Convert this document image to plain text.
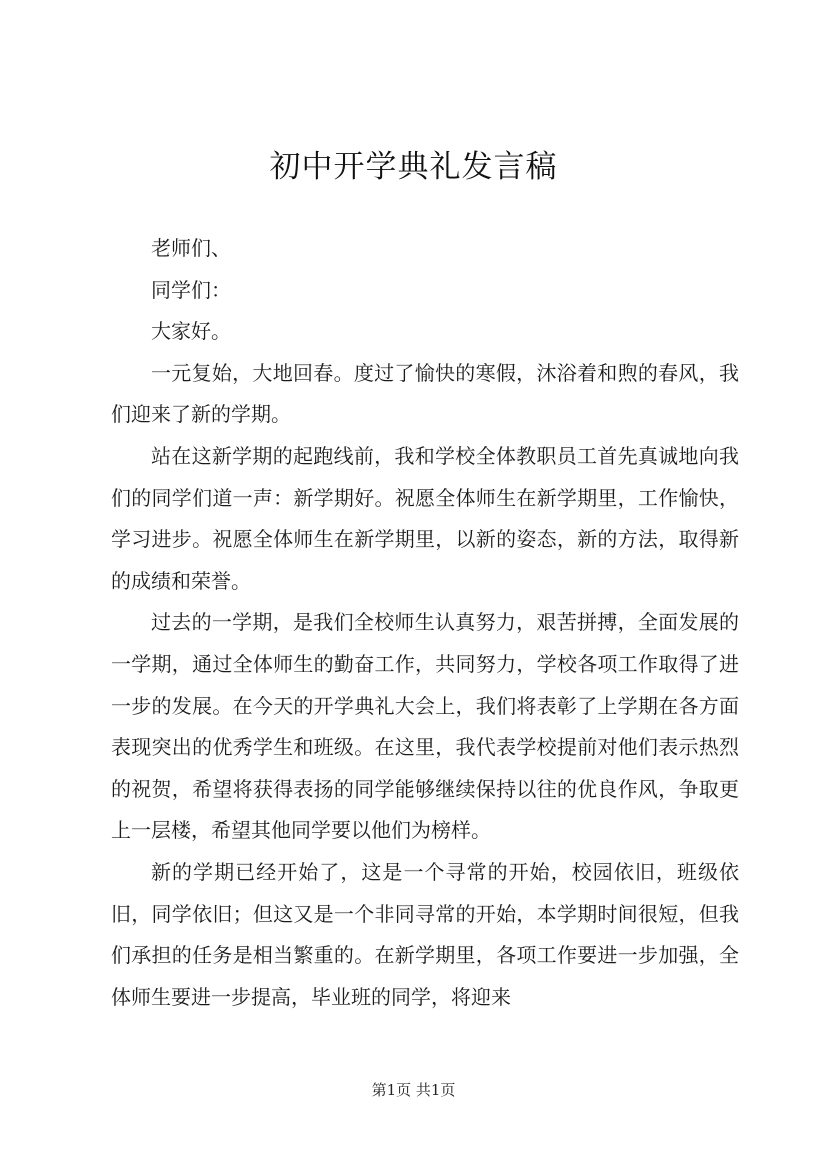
初中开学典礼发言稿

老师们、

同学们：

大家好。

一元复始，大地回春。度过了愉快的寒假，沐浴着和煦的春风，我们迎来了新的学期。

站在这新学期的起跑线前，我和学校全体教职员工首先真诚地向我们的同学们道一声：新学期好。祝愿全体师生在新学期里，工作愉快，学习进步。祝愿全体师生在新学期里，以新的姿态，新的方法，取得新的成绩和荣誉。

过去的一学期，是我们全校师生认真努力，艰苦拼搏，全面发展的一学期，通过全体师生的勤奋工作，共同努力，学校各项工作取得了进一步的发展。在今天的开学典礼大会上，我们将表彰了上学期在各方面表现突出的优秀学生和班级。在这里，我代表学校提前对他们表示热烈的祝贺，希望将获得表扬的同学能够继续保持以往的优良作风，争取更上一层楼，希望其他同学要以他们为榜样。

新的学期已经开始了，这是一个寻常的开始，校园依旧，班级依旧，同学依旧；但这又是一个非同寻常的开始，本学期时间很短，但我们承担的任务是相当繁重的。在新学期里，各项工作要进一步加强，全体师生要进一步提高，毕业班的同学，将迎来

第1页 共1页
